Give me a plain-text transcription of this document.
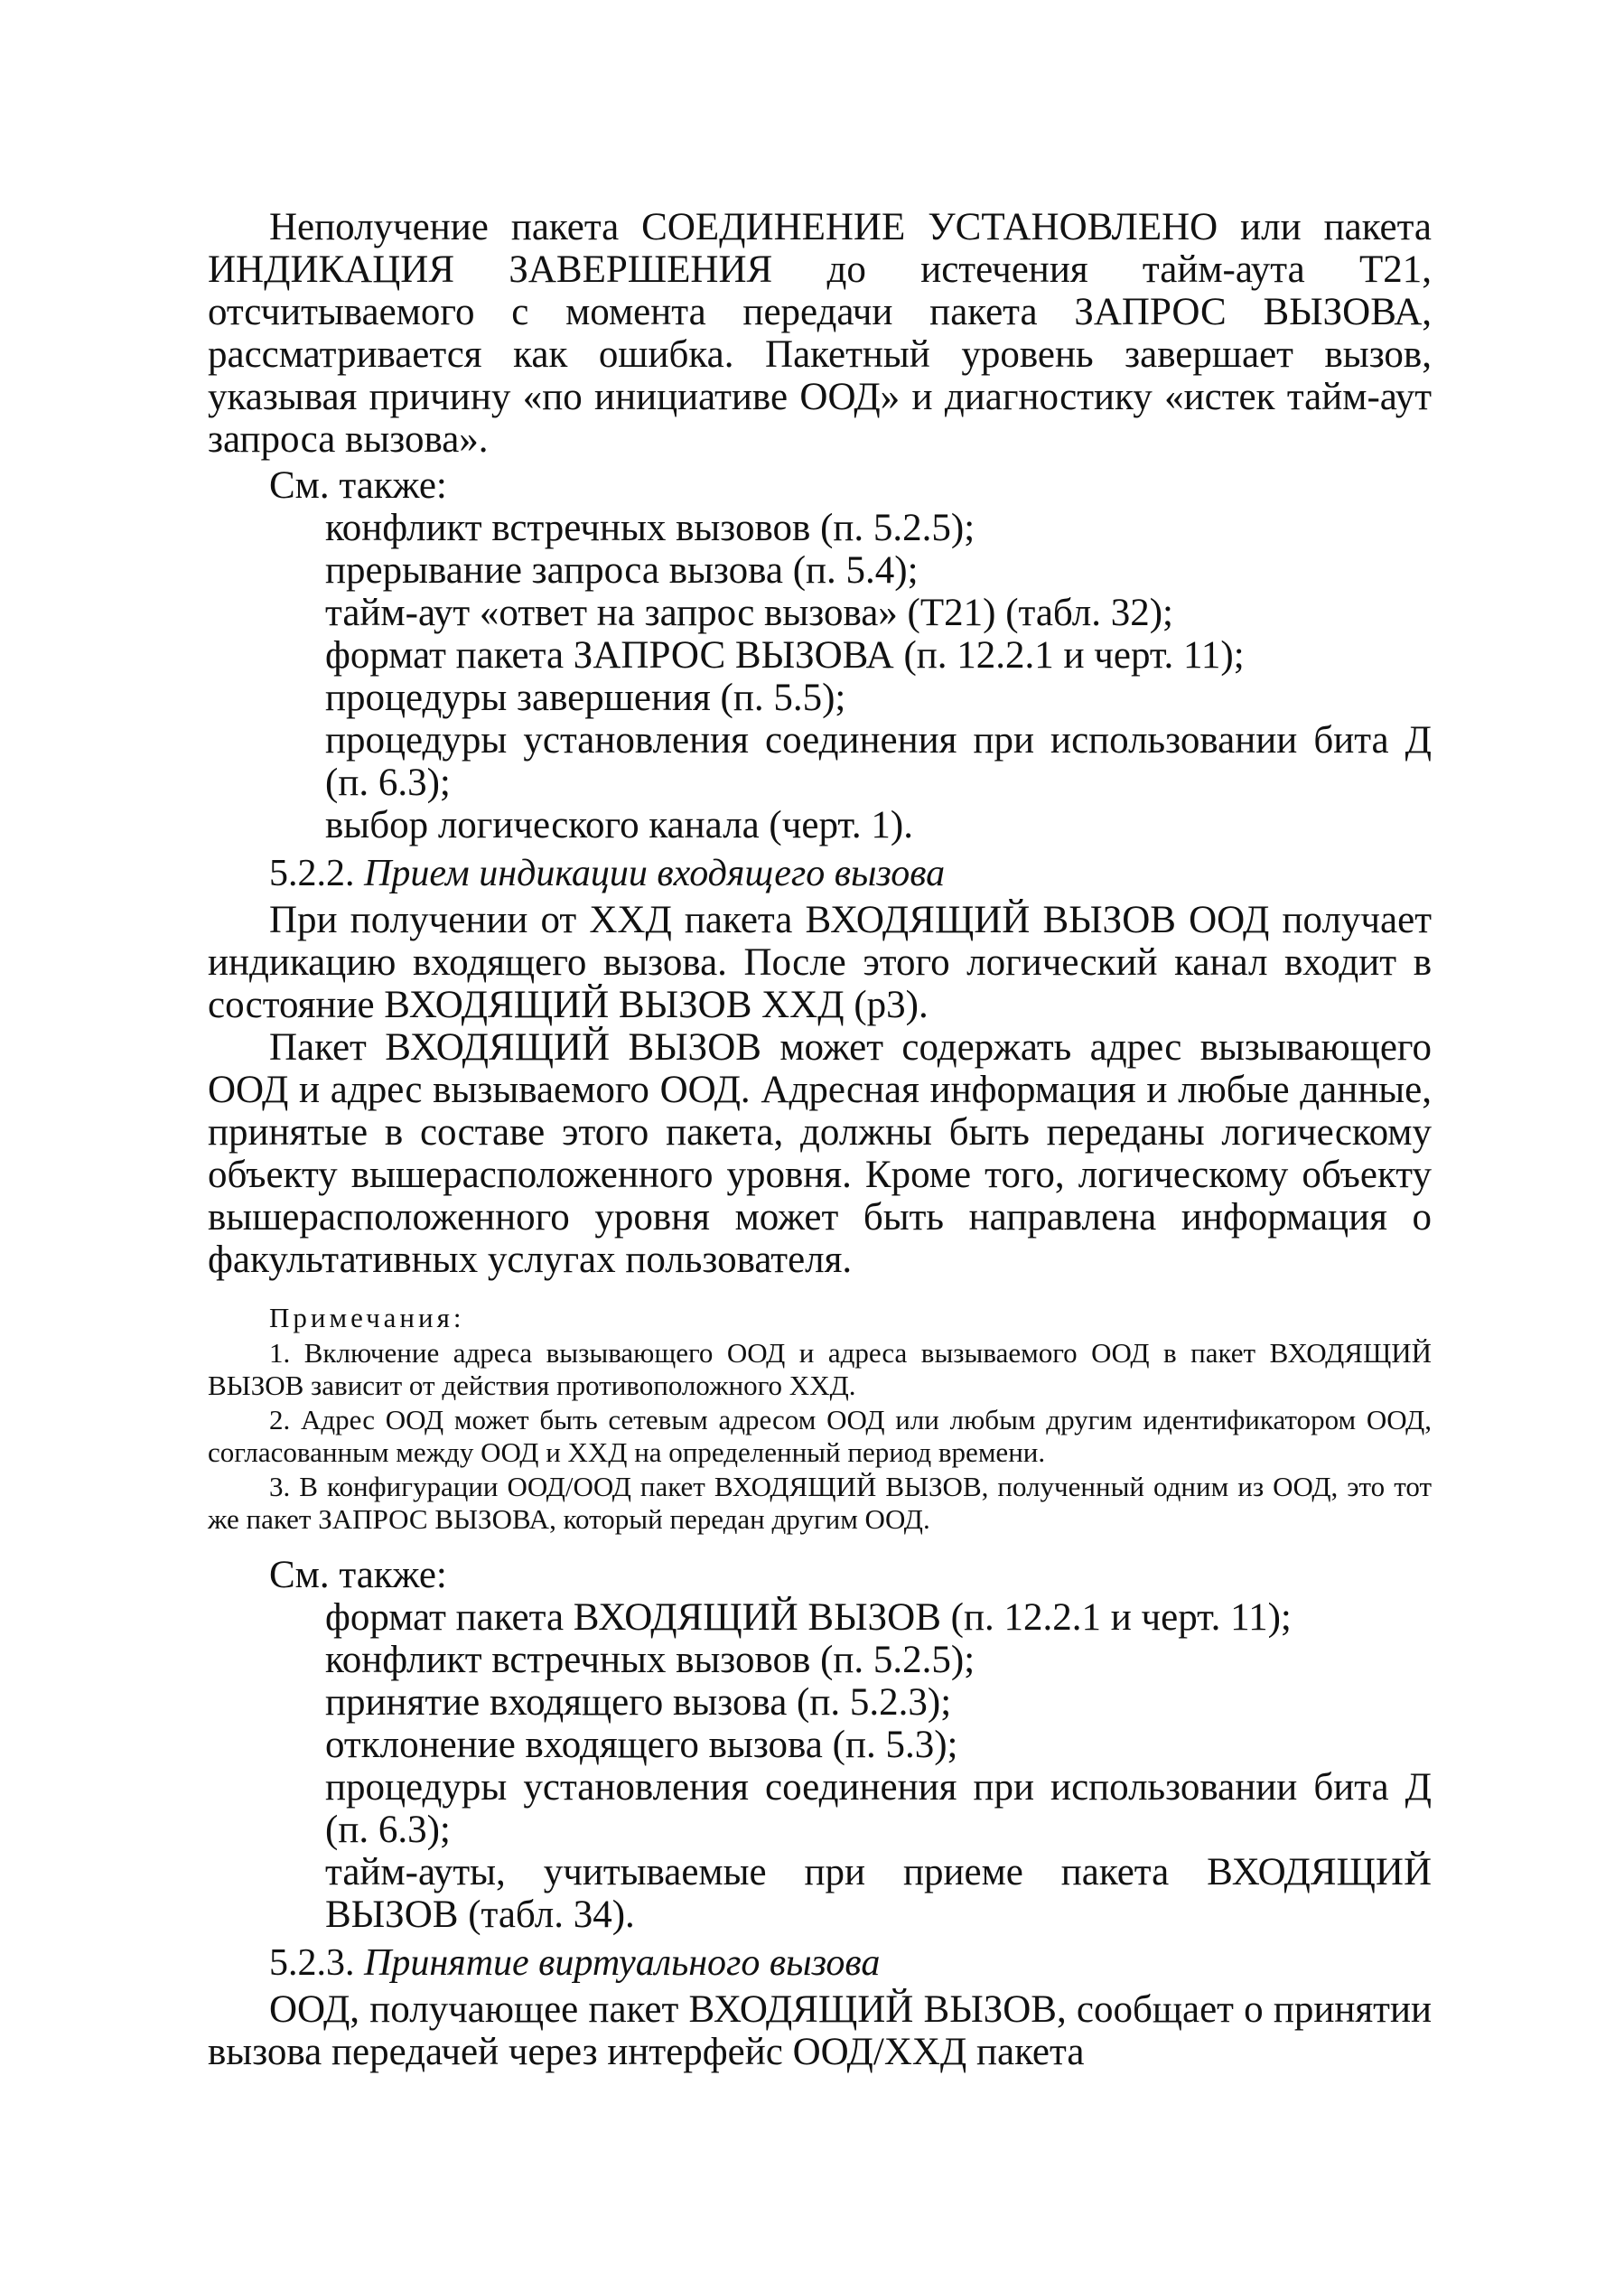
Неполучение пакета СОЕДИНЕНИЕ УСТАНОВЛЕНО или пакета ИНДИКАЦИЯ ЗАВЕРШЕНИЯ до истечения тайм-аута Т21, отсчитываемого с момента передачи пакета ЗАПРОС ВЫЗОВА, рассматривается как ошибка. Пакетный уровень завершает вызов, указывая причину «по инициативе ООД» и диагностику «истек тайм-аут запроса вызова».

См. также:
конфликт встречных вызовов (п. 5.2.5);
прерывание запроса вызова (п. 5.4);
тайм-аут «ответ на запрос вызова» (Т21) (табл. 32);
формат пакета ЗАПРОС ВЫЗОВА (п. 12.2.1 и черт. 11);
процедуры завершения (п. 5.5);
процедуры установления соединения при использовании бита Д (п. 6.3);
выбор логического канала (черт. 1).
5.2.2. Прием индикации входящего вызова

При получении от ХХД пакета ВХОДЯЩИЙ ВЫЗОВ ООД получает индикацию входящего вызова. После этого логический канал входит в состояние ВХОДЯЩИЙ ВЫЗОВ ХХД (р3).

Пакет ВХОДЯЩИЙ ВЫЗОВ может содержать адрес вызывающего ООД и адрес вызываемого ООД. Адресная информация и любые данные, принятые в составе этого пакета, должны быть переданы логическому объекту вышерасположенного уровня. Кроме того, логическому объекту вышерасположенного уровня может быть направлена информация о факультативных услугах пользователя.

Примечания:
1. Включение адреса вызывающего ООД и адреса вызываемого ООД в пакет ВХОДЯЩИЙ ВЫЗОВ зависит от действия противоположного ХХД.
2. Адрес ООД может быть сетевым адресом ООД или любым другим идентификатором ООД, согласованным между ООД и ХХД на определенный период времени.
3. В конфигурации ООД/ООД пакет ВХОДЯЩИЙ ВЫЗОВ, полученный одним из ООД, это тот же пакет ЗАПРОС ВЫЗОВА, который передан другим ООД.
См. также:
формат пакета ВХОДЯЩИЙ ВЫЗОВ (п. 12.2.1 и черт. 11);
конфликт встречных вызовов (п. 5.2.5);
принятие входящего вызова (п. 5.2.3);
отклонение входящего вызова (п. 5.3);
процедуры установления соединения при использовании бита Д (п. 6.3);
тайм-ауты, учитываемые при приеме пакета ВХОДЯЩИЙ ВЫЗОВ (табл. 34).
5.2.3. Принятие виртуального вызова

ООД, получающее пакет ВХОДЯЩИЙ ВЫЗОВ, сообщает о принятии вызова передачей через интерфейс ООД/ХХД пакета
